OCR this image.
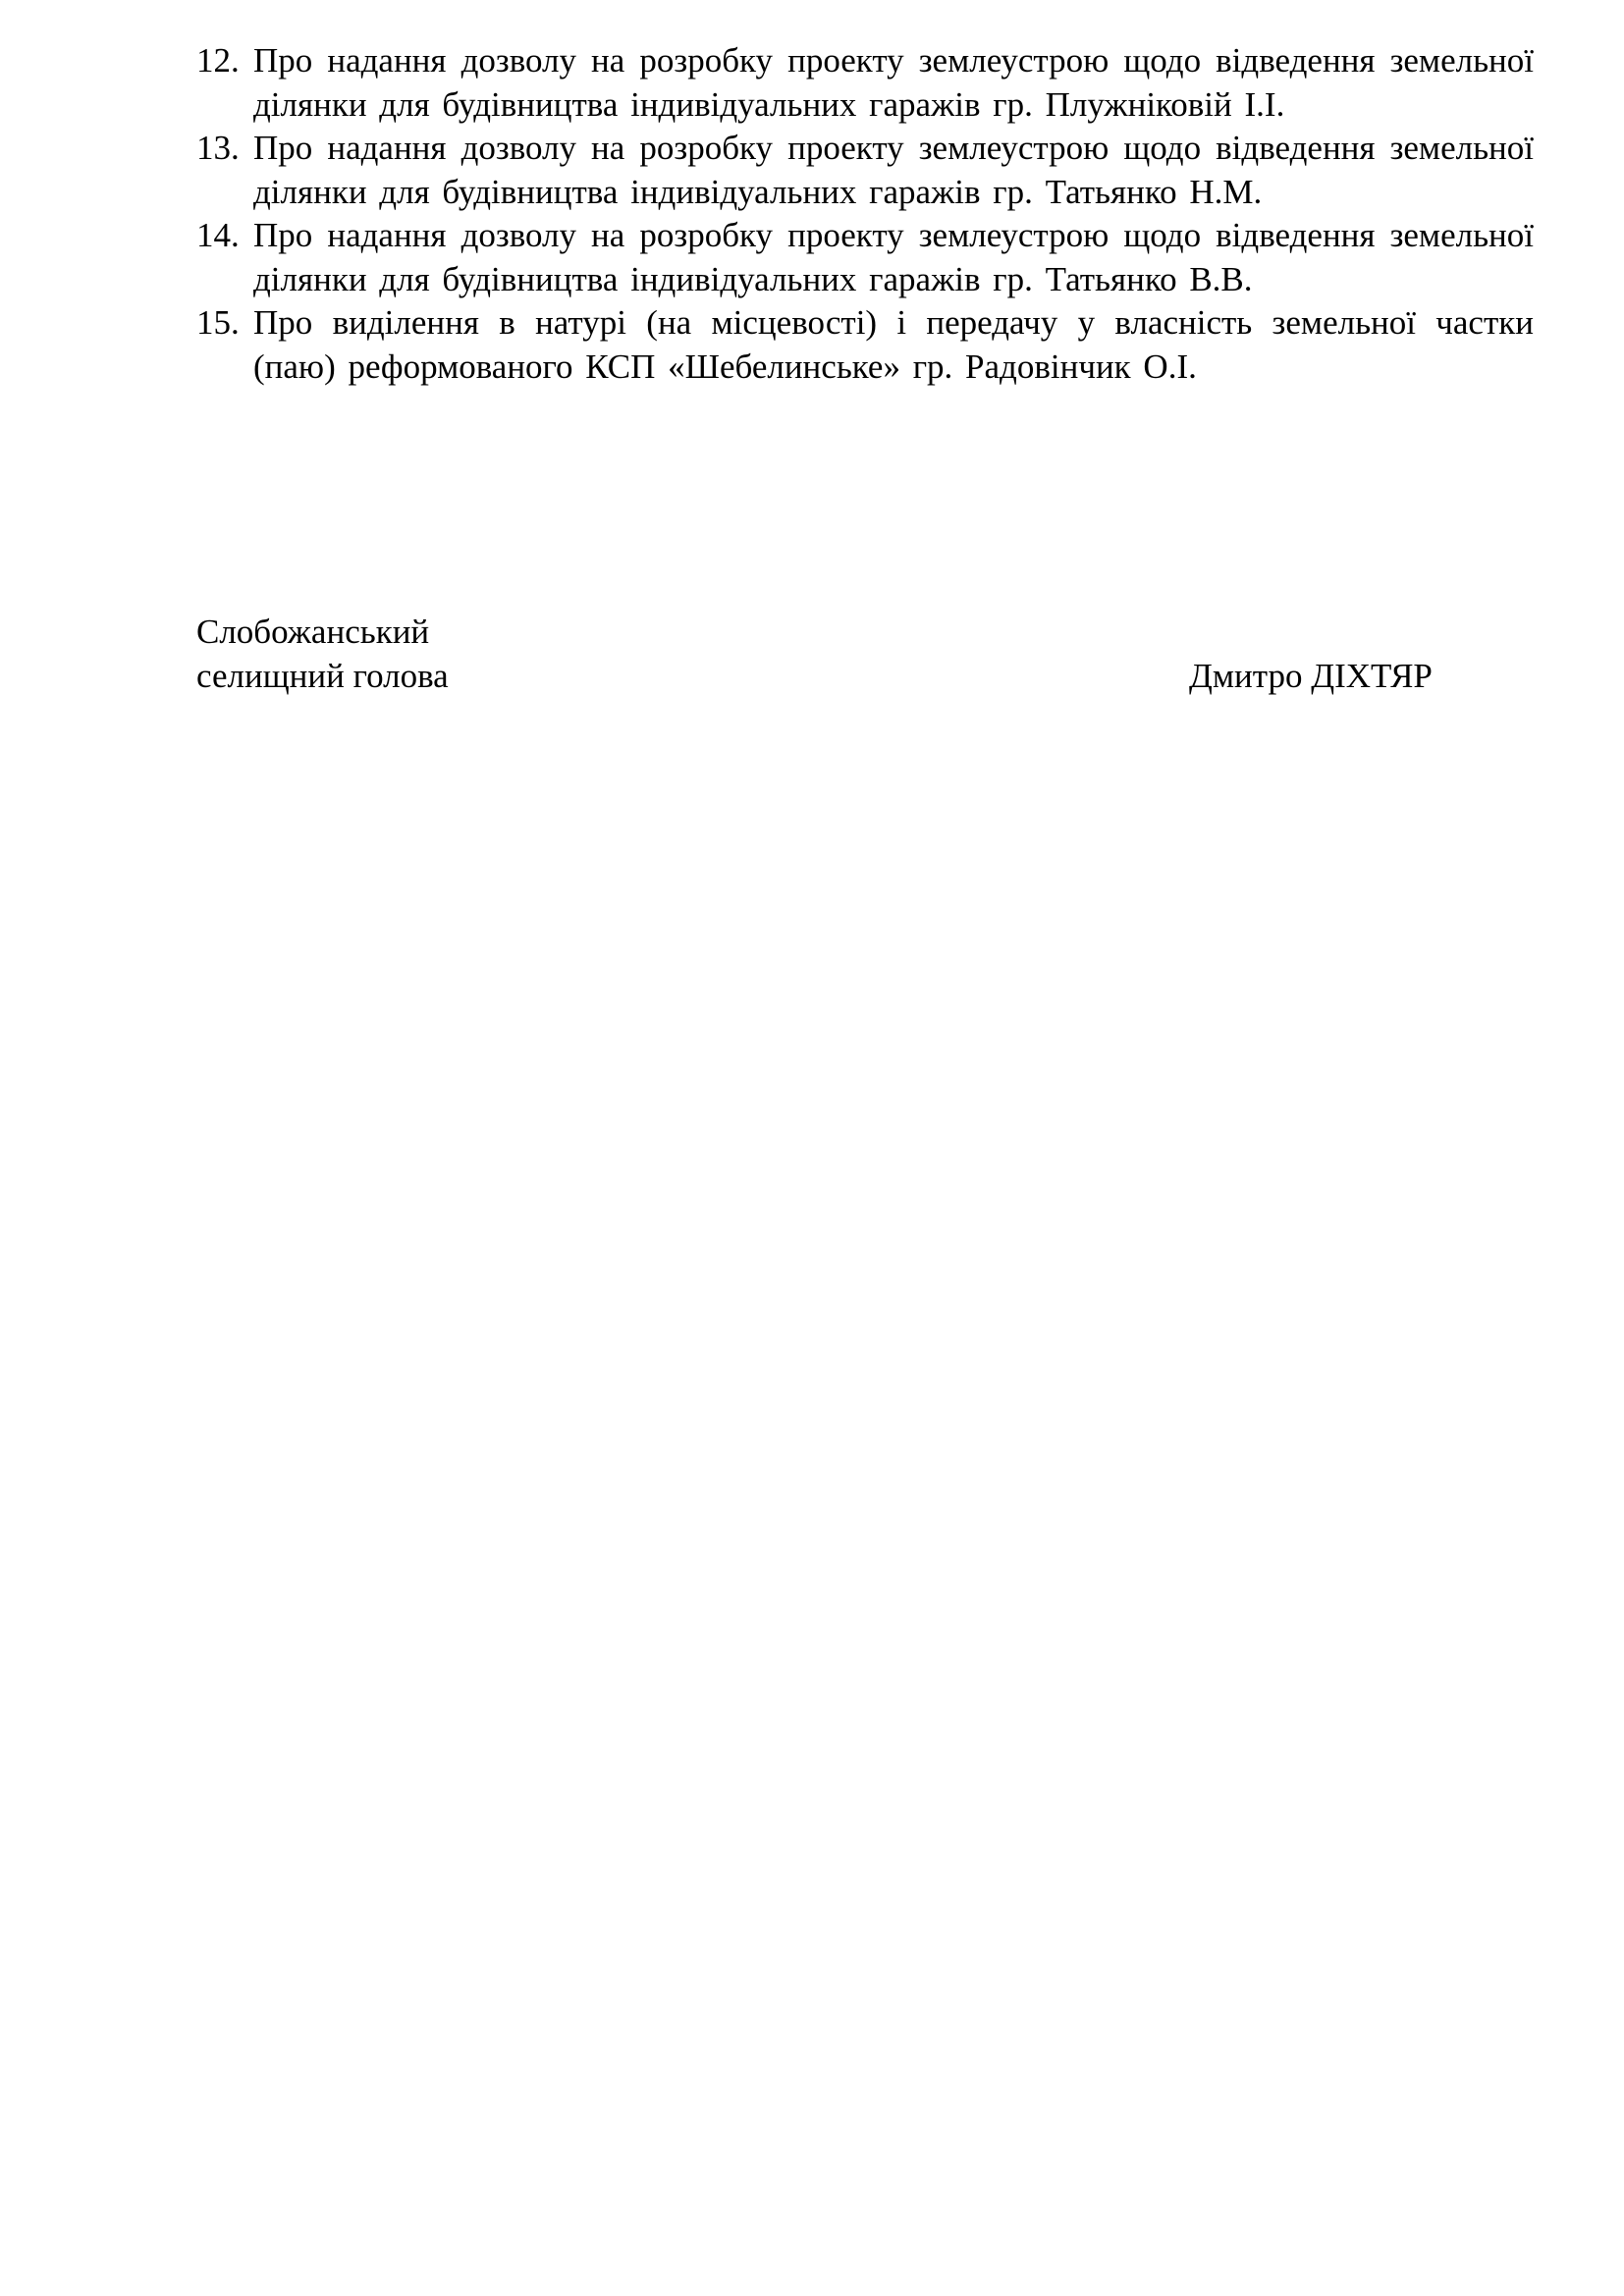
12. Про надання дозволу на розробку проекту землеустрою щодо відведення земельної ділянки для будівництва індивідуальних гаражів гр. Плужніковій І.І.
13. Про надання дозволу на розробку проекту землеустрою щодо відведення земельної ділянки для будівництва індивідуальних гаражів гр. Татьянко Н.М.
14. Про надання дозволу на розробку проекту землеустрою щодо відведення земельної ділянки для будівництва індивідуальних гаражів гр. Татьянко В.В.
15. Про виділення в натурі (на місцевості) і передачу у власність земельної частки (паю) реформованого КСП «Шебелинське» гр. Радовінчик О.І.
Слобожанський
селищний голова	Дмитро ДІХТЯР
